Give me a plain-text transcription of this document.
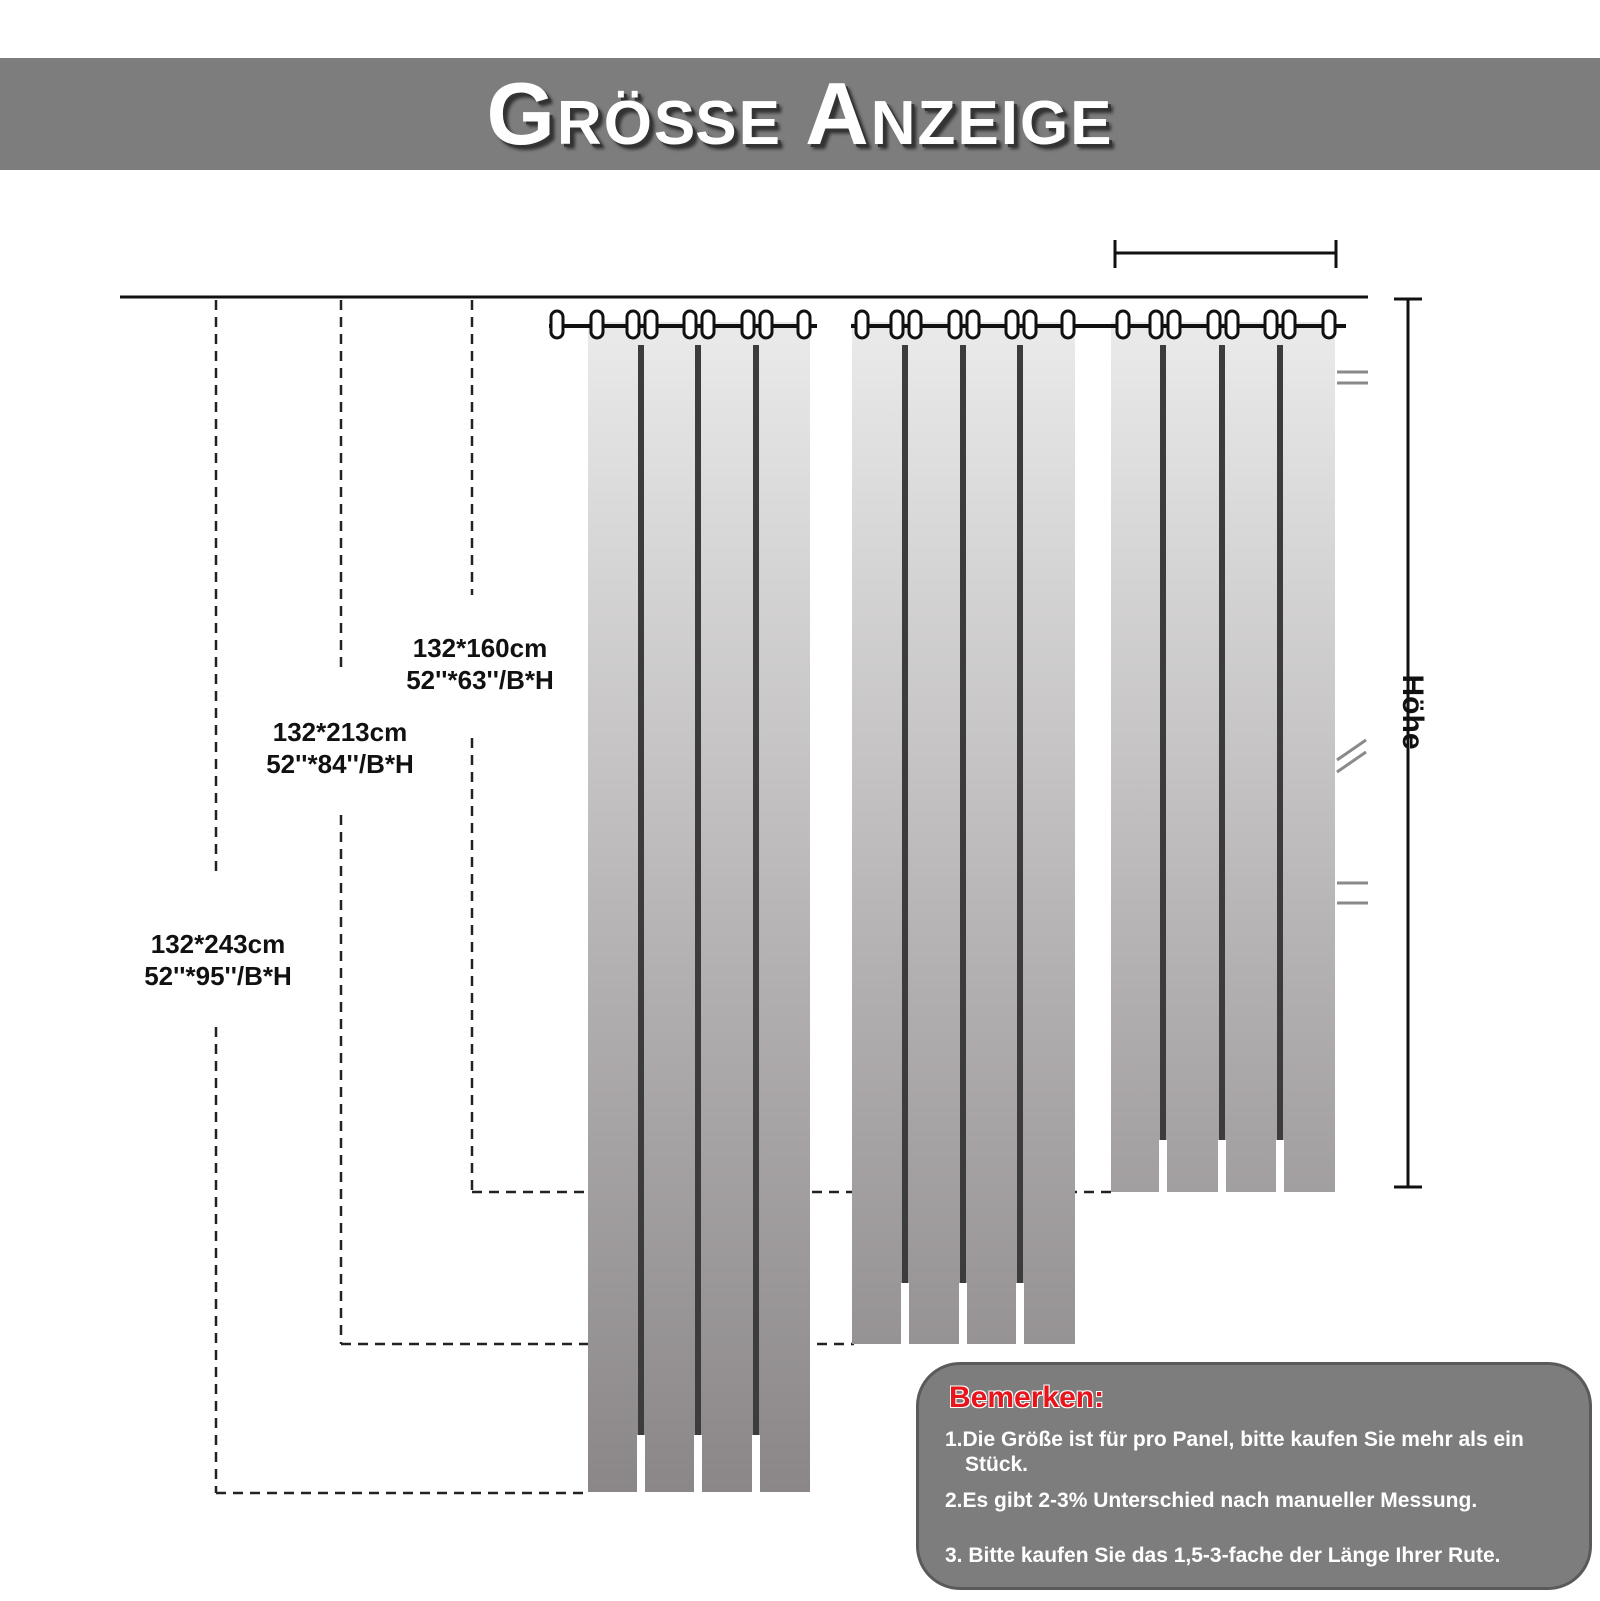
Größe Anzeige
132*160cm
52''*63''/B*H
132*213cm
52''*84''/B*H
132*243cm
52''*95''/B*H
Höhe
Bemerken:
1.Die Größe ist für pro Panel, bitte kaufen Sie mehr als ein Stück.
2.Es gibt 2-3% Unterschied nach manueller Messung.
3. Bitte kaufen Sie das 1,5-3-fache der Länge Ihrer Rute.
